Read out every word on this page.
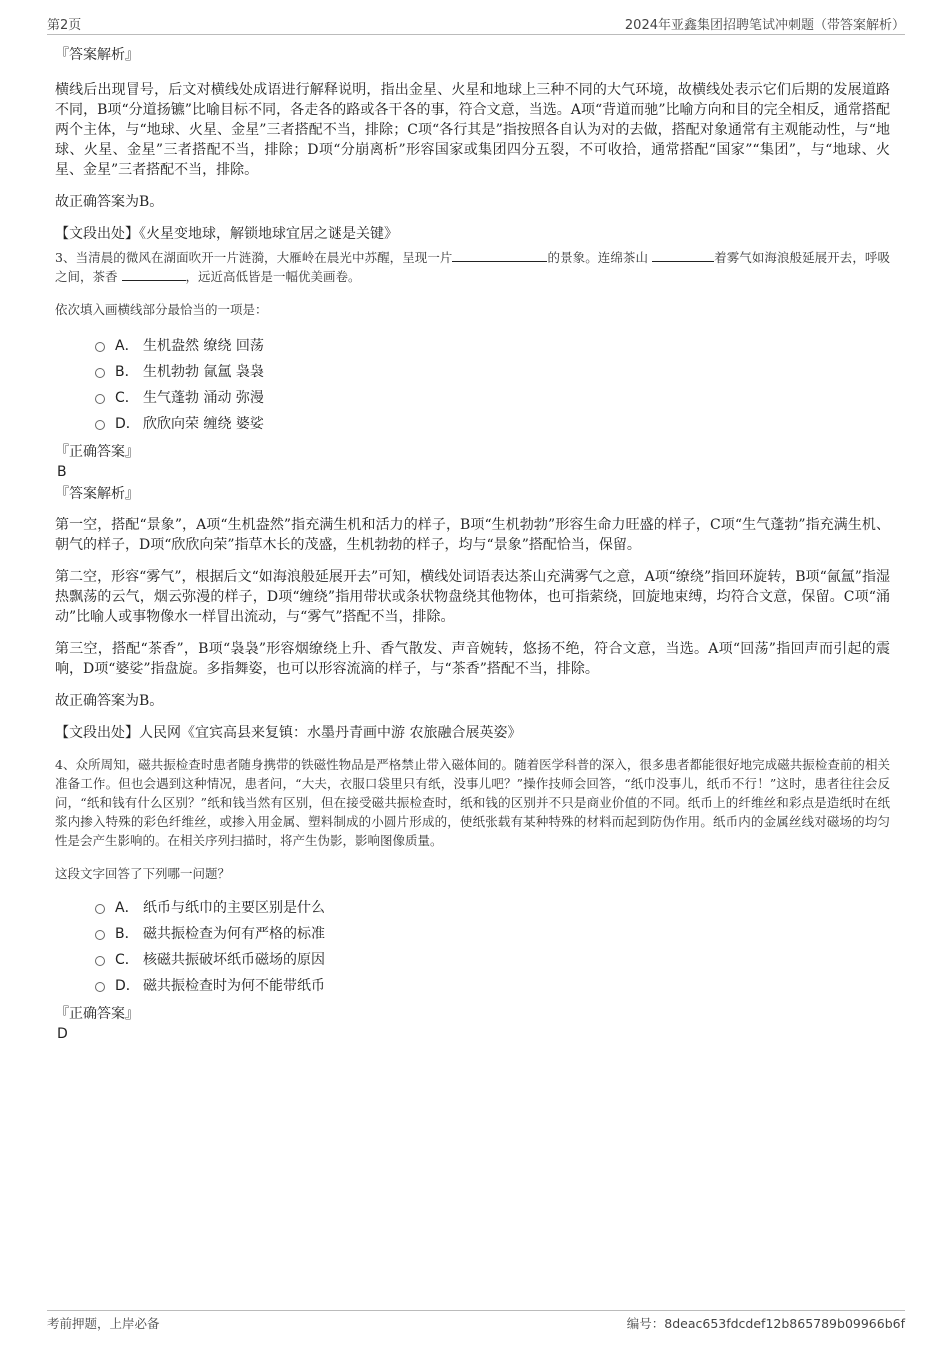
第2页	2024年亚鑫集团招聘笔试冲刺题（带答案解析）

『答案解析』

横线后出现冒号，后文对横线处成语进行解释说明，指出金星、火星和地球上三种不同的大气环境，故横线处表示它们后期的发展道路不同，B项“分道扬镳”比喻目标不同，各走各的路或各干各的事，符合文意，当选。A项“背道而驰”比喻方向和目的完全相反，通常搭配两个主体，与“地球、火星、金星”三者搭配不当，排除；C项“各行其是”指按照各自认为对的去做，搭配对象通常有主观能动性，与“地球、火星、金星”三者搭配不当，排除；D项“分崩离析”形容国家或集团四分五裂，不可收拾，通常搭配“国家”“集团”，与“地球、火星、金星”三者搭配不当，排除。

故正确答案为B。

【文段出处】《火星变地球，解锁地球宜居之谜是关键》

3、当清晨的微风在湖面吹开一片涟漪，大雁岭在晨光中苏醒，呈现一片	的景象。连绵茶山	着雾气如海浪般延展开去，呼吸之间，茶香	，远近高低皆是一幅优美画卷。

依次填入画横线部分最恰当的一项是：

A． 生机盎然 缭绕 回荡
B． 生机勃勃 氤氲 袅袅
C． 生气蓬勃 涌动 弥漫
D． 欣欣向荣 缠绕 婆娑

『正确答案』

B

『答案解析』

第一空，搭配“景象”，A项“生机盎然”指充满生机和活力的样子，B项“生机勃勃”形容生命力旺盛的样子，C项“生气蓬勃”指充满生机、朝气的样子，D项“欣欣向荣”指草木长的茂盛，生机勃勃的样子，均与“景象”搭配恰当，保留。

第二空，形容“雾气”，根据后文“如海浪般延展开去”可知，横线处词语表达茶山充满雾气之意，A项“缭绕”指回环旋转，B项“氤氲”指湿热飘荡的云气，烟云弥漫的样子，D项“缠绕”指用带状或条状物盘绕其他物体，也可指萦绕，回旋地束缚，均符合文意，保留。C项“涌动”比喻人或事物像水一样冒出流动，与“雾气”搭配不当，排除。

第三空，搭配“茶香”，B项“袅袅”形容烟缭绕上升、香气散发、声音婉转，悠扬不绝，符合文意，当选。A项“回荡”指回声而引起的震响，D项“婆娑”指盘旋。多指舞姿，也可以形容流滴的样子，与“茶香”搭配不当，排除。

故正确答案为B。

【文段出处】人民网《宜宾高县来复镇：水墨丹青画中游 农旅融合展英姿》

4、众所周知，磁共振检查时患者随身携带的铁磁性物品是严格禁止带入磁体间的。随着医学科普的深入，很多患者都能很好地完成磁共振检查前的相关准备工作。但也会遇到这种情况，患者问，“大夫，衣服口袋里只有纸，没事儿吧？”操作技师会回答，“纸巾没事儿，纸币不行！”这时，患者往往会反问，“纸和钱有什么区别？”纸和钱当然有区别，但在接受磁共振检查时，纸和钱的区别并不只是商业价值的不同。纸币上的纤维丝和彩点是造纸时在纸浆内掺入特殊的彩色纤维丝，或掺入用金属、塑料制成的小圆片形成的，使纸张载有某种特殊的材料而起到防伪作用。纸币内的金属丝线对磁场的均匀性是会产生影响的。在相关序列扫描时，将产生伪影，影响图像质量。

这段文字回答了下列哪一问题？

A． 纸币与纸巾的主要区别是什么
B． 磁共振检查为何有严格的标准
C． 核磁共振破坏纸币磁场的原因
D． 磁共振检查时为何不能带纸币

『正确答案』

D

考前押题，上岸必备	编号：8deac653fdcdef12b865789b09966b6f
